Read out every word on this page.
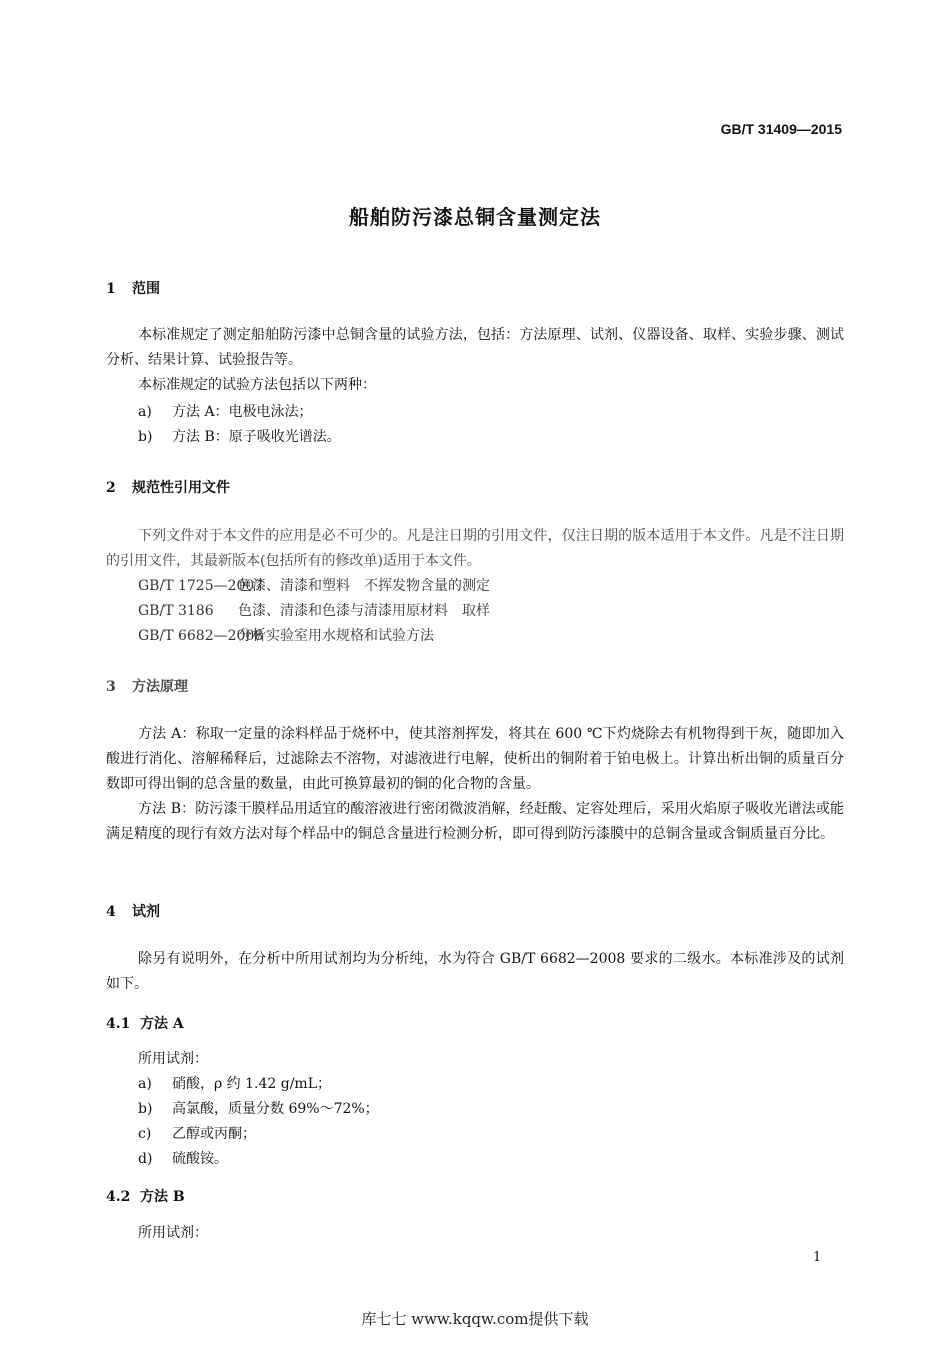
GB/T 31409—2015
船舶防污漆总铜含量测定法
1 范围
本标准规定了测定船舶防污漆中总铜含量的试验方法，包括：方法原理、试剂、仪器设备、取样、实验步骤、测试分析、结果计算、试验报告等。
本标准规定的试验方法包括以下两种：
a) 方法 A：电极电泳法；
b) 方法 B：原子吸收光谱法。
2 规范性引用文件
下列文件对于本文件的应用是必不可少的。凡是注日期的引用文件，仅注日期的版本适用于本文件。凡是不注日期的引用文件，其最新版本(包括所有的修改单)适用于本文件。
GB/T 1725—2007色漆、清漆和塑料　不挥发物含量的测定
GB/T 3186 色漆、清漆和色漆与清漆用原材料　取样
GB/T 6682—2008分析实验室用水规格和试验方法
3 方法原理
方法 A：称取一定量的涂料样品于烧杯中，使其溶剂挥发，将其在 600 ℃下灼烧除去有机物得到干灰，随即加入酸进行消化、溶解稀释后，过滤除去不溶物，对滤液进行电解，使析出的铜附着于铂电极上。计算出析出铜的质量百分数即可得出铜的总含量的数量，由此可换算最初的铜的化合物的含量。
方法 B：防污漆干膜样品用适宜的酸溶液进行密闭微波消解，经赶酸、定容处理后，采用火焰原子吸收光谱法或能满足精度的现行有效方法对每个样品中的铜总含量进行检测分析，即可得到防污漆膜中的总铜含量或含铜质量百分比。
4 试剂
除另有说明外，在分析中所用试剂均为分析纯，水为符合 GB/T 6682—2008 要求的二级水。本标准涉及的试剂如下。
4.1 方法 A
所用试剂：
a) 硝酸，ρ 约 1.42 g/mL；
b) 高氯酸，质量分数 69%～72%；
c) 乙醇或丙酮；
d) 硫酸铵。
4.2 方法 B
所用试剂：
1
库七七 www.kqqw.com提供下载
